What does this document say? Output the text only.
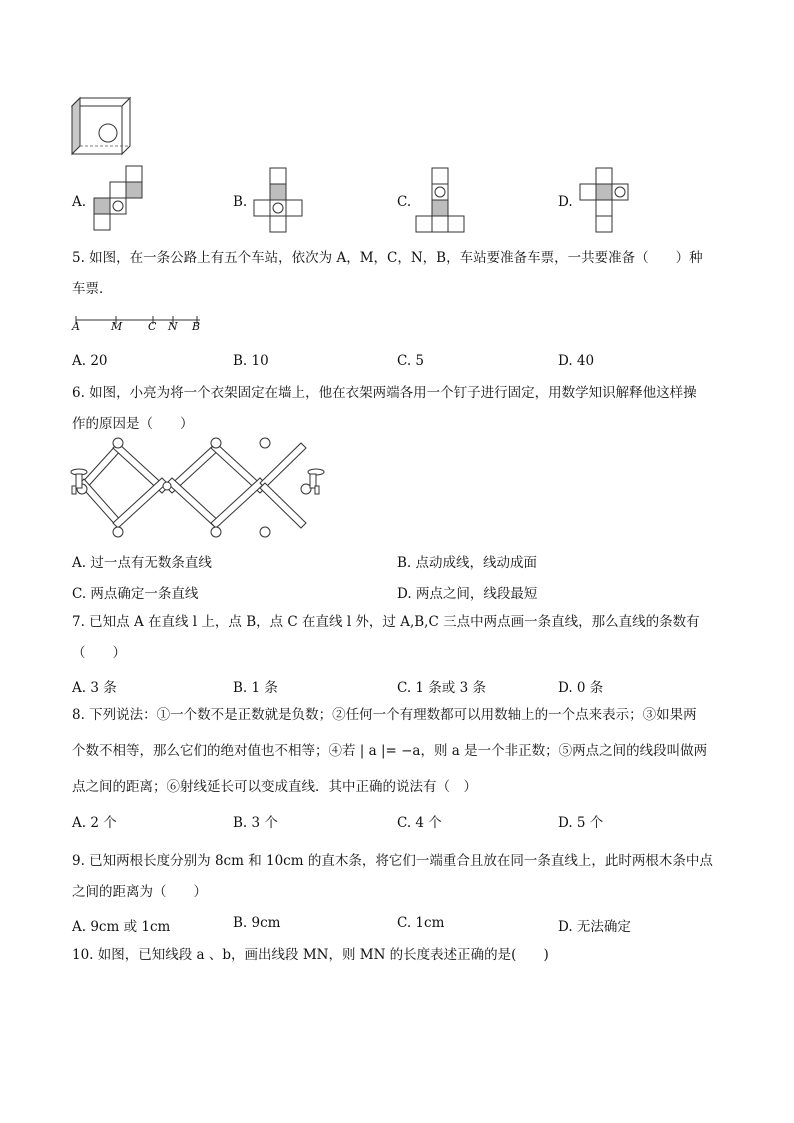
A.	B.	C.	D.
5. 如图，在一条公路上有五个车站，依次为 A，M，C，N，B，车站要准备车票，一共要准备（　　）种
车票．
A	M C N B
A. 20	B. 10	C. 5	D. 40
6. 如图，小亮为将一个衣架固定在墙上，他在衣架两端各用一个钉子进行固定，用数学知识解释他这样操
作的原因是（　　）
A. 过一点有无数条直线	B. 点动成线，线动成面
C. 两点确定一条直线	D. 两点之间，线段最短
7. 已知点 A 在直线 l 上，点 B，点 C 在直线 l 外，过 A,B,C 三点中两点画一条直线，那么直线的条数有
（　　）
A. 3 条	B. 1 条	C. 1 条或 3 条	D. 0 条
8. 下列说法：①一个数不是正数就是负数；②任何一个有理数都可以用数轴上的一个点来表示；③如果两
个数不相等，那么它们的绝对值也不相等；④若 | a |= −a，则 a 是一个非正数；⑤两点之间的线段叫做两
点之间的距离；⑥射线延长可以变成直线．其中正确的说法有（　）
A. 2 个	B. 3 个	C. 4 个	D. 5 个
9. 已知两根长度分别为 8cm 和 10cm 的直木条，将它们一端重合且放在同一条直线上，此时两根木条中点
之间的距离为（　　）
A. 9cm 或 1cm	B. 9cm	C. 1cm	D. 无法确定
10. 如图，已知线段 a 、b，画出线段 MN，则 MN 的长度表述正确的是(　　)
